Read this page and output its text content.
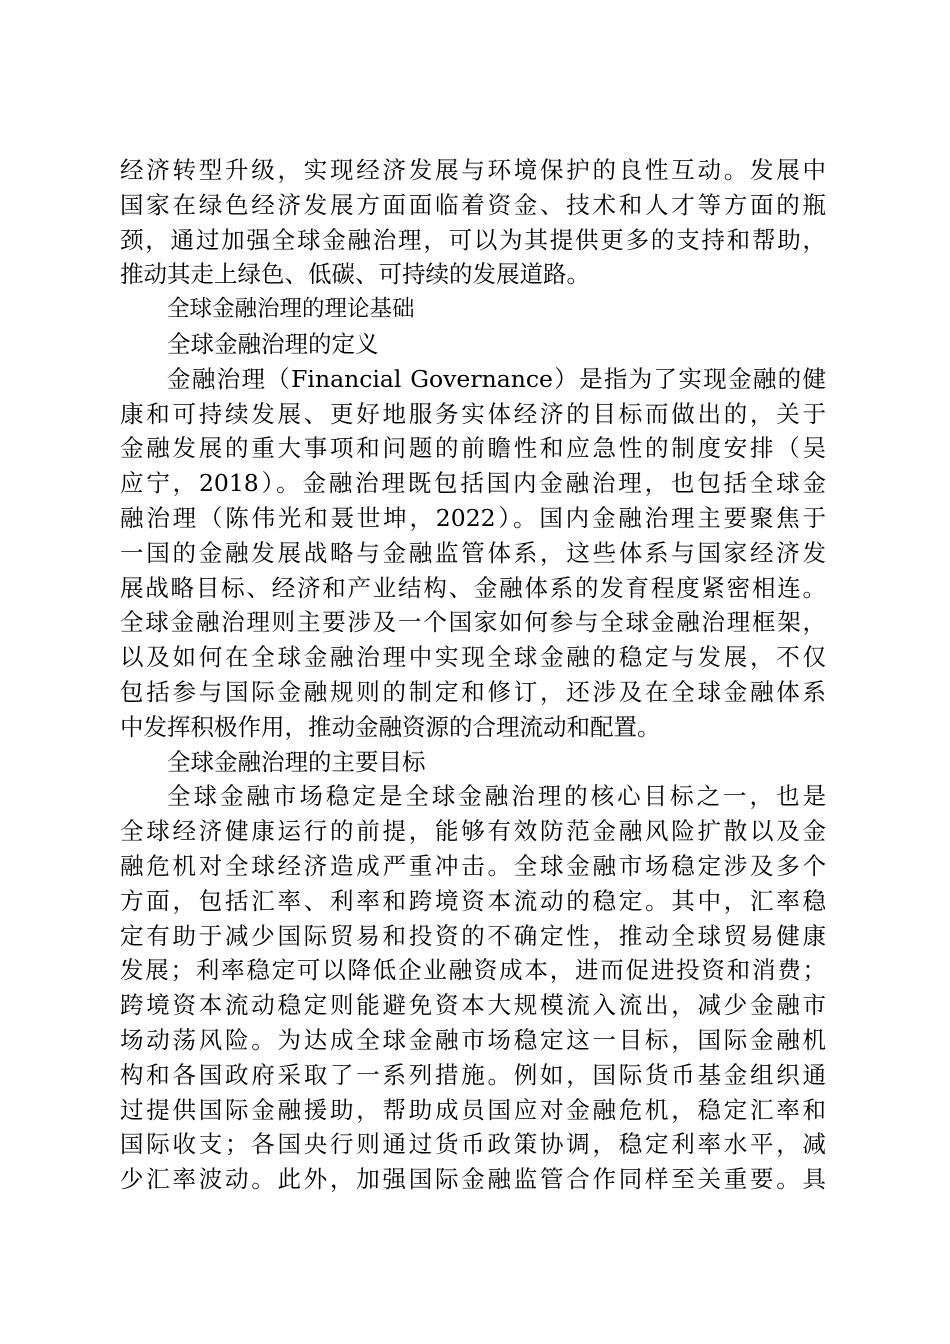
经济转型升级，实现经济发展与环境保护的良性互动。发展中
国家在绿色经济发展方面面临着资金、技术和人才等方面的瓶
颈，通过加强全球金融治理，可以为其提供更多的支持和帮助，
推动其走上绿色、低碳、可持续的发展道路。
全球金融治理的理论基础
全球金融治理的定义
金融治理（Financial Governance）是指为了实现金融的健
康和可持续发展、更好地服务实体经济的目标而做出的，关于
金融发展的重大事项和问题的前瞻性和应急性的制度安排（吴
应宁，2018）。金融治理既包括国内金融治理，也包括全球金
融治理（陈伟光和聂世坤，2022）。国内金融治理主要聚焦于
一国的金融发展战略与金融监管体系，这些体系与国家经济发
展战略目标、经济和产业结构、金融体系的发育程度紧密相连。
全球金融治理则主要涉及一个国家如何参与全球金融治理框架，
以及如何在全球金融治理中实现全球金融的稳定与发展，不仅
包括参与国际金融规则的制定和修订，还涉及在全球金融体系
中发挥积极作用，推动金融资源的合理流动和配置。
全球金融治理的主要目标
全球金融市场稳定是全球金融治理的核心目标之一，也是
全球经济健康运行的前提，能够有效防范金融风险扩散以及金
融危机对全球经济造成严重冲击。全球金融市场稳定涉及多个
方面，包括汇率、利率和跨境资本流动的稳定。其中，汇率稳
定有助于减少国际贸易和投资的不确定性，推动全球贸易健康
发展；利率稳定可以降低企业融资成本，进而促进投资和消费；
跨境资本流动稳定则能避免资本大规模流入流出，减少金融市
场动荡风险。为达成全球金融市场稳定这一目标，国际金融机
构和各国政府采取了一系列措施。例如，国际货币基金组织通
过提供国际金融援助，帮助成员国应对金融危机，稳定汇率和
国际收支；各国央行则通过货币政策协调，稳定利率水平，减
少汇率波动。此外，加强国际金融监管合作同样至关重要。具
